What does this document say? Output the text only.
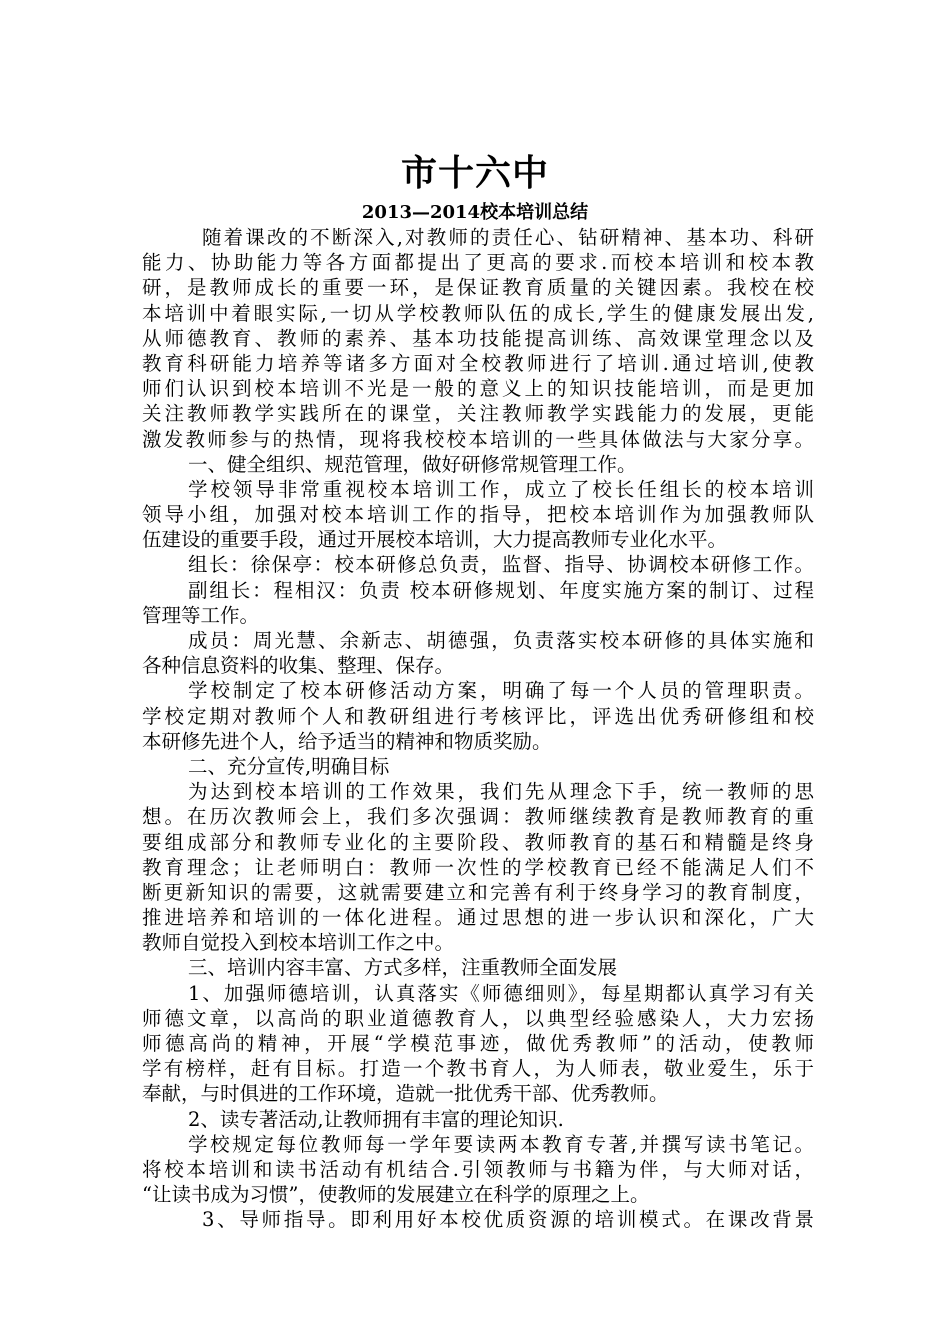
市十六中
2013—2014校本培训总结
随着课改的不断深入,对教师的责任心、钻研精神、基本功、科研
能力、协助能力等各方面都提出了更高的要求.而校本培训和校本教
研，是教师成长的重要一环，是保证教育质量的关键因素。我校在校
本培训中着眼实际,一切从学校教师队伍的成长,学生的健康发展出发,
从师德教育、教师的素养、基本功技能提高训练、高效课堂理念以及
教育科研能力培养等诸多方面对全校教师进行了培训.通过培训,使教
师们认识到校本培训不光是一般的意义上的知识技能培训，而是更加
关注教师教学实践所在的课堂，关注教师教学实践能力的发展，更能
激发教师参与的热情，现将我校校本培训的一些具体做法与大家分享。
一、健全组织、规范管理，做好研修常规管理工作。
学校领导非常重视校本培训工作，成立了校长任组长的校本培训
领导小组，加强对校本培训工作的指导，把校本培训作为加强教师队
伍建设的重要手段，通过开展校本培训，大力提高教师专业化水平。
组长：徐保亭：校本研修总负责，监督、指导、协调校本研修工作。
副组长：程相汉：负责 校本研修规划、年度实施方案的制订、过程
管理等工作。
成员：周光慧、余新志、胡德强，负责落实校本研修的具体实施和
各种信息资料的收集、整理、保存。
学校制定了校本研修活动方案，明确了每一个人员的管理职责。
学校定期对教师个人和教研组进行考核评比，评选出优秀研修组和校
本研修先进个人，给予适当的精神和物质奖励。
二、充分宣传,明确目标
为达到校本培训的工作效果，我们先从理念下手，统一教师的思
想。在历次教师会上，我们多次强调：教师继续教育是教师教育的重
要组成部分和教师专业化的主要阶段、教师教育的基石和精髓是终身
教育理念；让老师明白：教师一次性的学校教育已经不能满足人们不
断更新知识的需要，这就需要建立和完善有利于终身学习的教育制度，
推进培养和培训的一体化进程。通过思想的进一步认识和深化，广大
教师自觉投入到校本培训工作之中。
三、培训内容丰富、方式多样，注重教师全面发展
1、加强师德培训，认真落实《师德细则》，每星期都认真学习有关
师德文章，以高尚的职业道德教育人，以典型经验感染人，大力宏扬
师德高尚的精神，开展“学模范事迹，做优秀教师”的活动，使教师
学有榜样，赶有目标。打造一个教书育人，为人师表，敬业爱生，乐于
奉献，与时俱进的工作环境，造就一批优秀干部、优秀教师。
2、读专著活动,让教师拥有丰富的理论知识.
学校规定每位教师每一学年要读两本教育专著,并撰写读书笔记。
将校本培训和读书活动有机结合.引领教师与书籍为伴，与大师对话，
“让读书成为习惯”，使教师的发展建立在科学的原理之上。
3、导师指导。即利用好本校优质资源的培训模式。在课改背景
